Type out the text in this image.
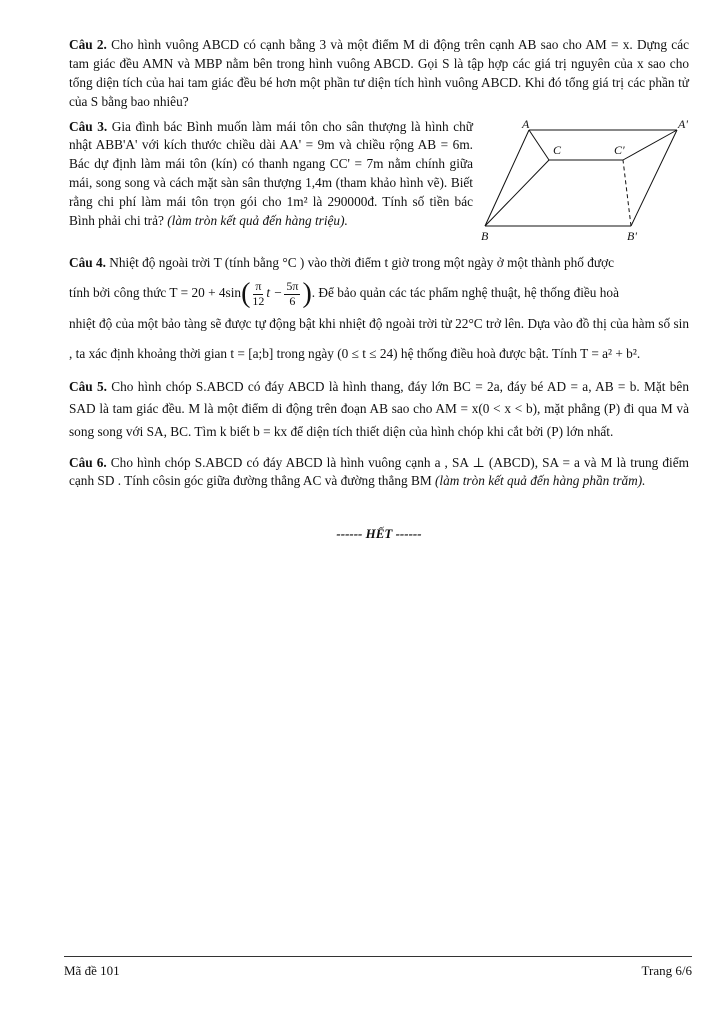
Câu 2. Cho hình vuông ABCD có cạnh bằng 3 và một điểm M di động trên cạnh AB sao cho AM = x. Dựng các tam giác đều AMN và MBP nằm bên trong hình vuông ABCD. Gọi S là tập hợp các giá trị nguyên của x sao cho tổng diện tích của hai tam giác đều bé hơn một phần tư diện tích hình vuông ABCD. Khi đó tổng giá trị các phần tử của S bằng bao nhiêu?

Câu 3. Gia đình bác Bình muốn làm mái tôn cho sân thượng là hình chữ nhật ABB'A' với kích thước chiều dài AA' = 9m và chiều rộng AB = 6m. Bác dự định làm mái tôn (kín) có thanh ngang CC' = 7m nằm chính giữa mái, song song và cách mặt sàn sân thượng 1,4m (tham khảo hình vẽ). Biết rằng chi phí làm mái tôn trọn gói cho 1m² là 290000đ. Tính số tiền bác Bình phải chi trả? (làm tròn kết quả đến hàng triệu).
A	A'
C	C'
B	B'
Câu 4. Nhiệt độ ngoài trời T (tính bằng °C ) vào thời điểm t giờ trong một ngày ở một thành phố được
tính bởi công thức $T = 20 + 4\sin( \frac{\pi}{12}$ $t - \frac{5\pi}{6}$ ). Để bảo quản các tác phẩm nghệ thuật, hệ thống điều hoà
nhiệt độ của một bảo tàng sẽ được tự động bật khi nhiệt độ ngoài trời từ 22°C trở lên. Dựa vào đồ thị của hàm số sin , ta xác định khoảng thời gian t = [a;b] trong ngày (0 ≤ t ≤ 24) hệ thống điều hoà được bật. Tính T = a² + b².

Câu 5. Cho hình chóp S.ABCD có đáy ABCD là hình thang, đáy lớn BC = 2a, đáy bé AD = a, AB = b. Mặt bên SAD là tam giác đều. M là một điểm di động trên đoạn AB sao cho AM = x(0 < x < b), mặt phẳng (P) đi qua M và song song với SA, BC. Tìm k biết b = kx để diện tích thiết diện của hình chóp khi cắt bởi (P) lớn nhất.

Câu 6. Cho hình chóp S.ABCD có đáy ABCD là hình vuông cạnh a , SA ⊥ (ABCD), SA = a và M là trung điểm cạnh SD . Tính côsin góc giữa đường thẳng AC và đường thẳng BM (làm tròn kết quả đến hàng phần trăm).

------ HẾT ------
Mã đề 101	Trang 6/6
